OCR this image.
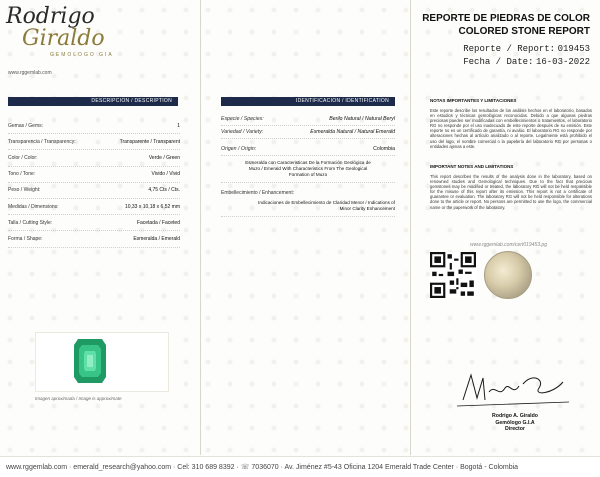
Rodrigo
Giraldo
GEMOLOGO GIA
www.rggemlab.com
REPORTE DE PIEDRAS DE COLOR
COLORED STONE REPORT
Reporte / Report: 019453
Fecha / Date: 16-03-2022
DESCRIPCION / DESCRIPTION
Gemas / Gems:	1
Transparencia / Transparency:	Transparente / Transparent
Color / Color:	Verde / Green
Tono / Tone:	Vivido / Vivid
Peso / Weight:	4,75 Cts / Cts.
Medidas / Dimensions:	10,33 x 10,18 x 6,52 mm
Talla / Cutting Style:	Facetada / Faceted
Forma / Shape:	Esmeralda / Emerald
Imagen aproximada / Image is approximate
IDENTIFICACION / IDENTIFICATION
Especie / Species:	Berilo Natural / Natural Beryl
Variedad / Variety:	Esmeralda Natural / Natural Emerald
Origen / Origin:	Colombia
Esmeralda con Caracteristicas De la Formación Geológica de Muzo / Emerald With Characteristics From The Geological Formation of Muzo
Embellecimiento / Enhancement:
Indicaciones de Embellecimiento de Claridad Menor / Indications of Minor Clarity Enhancement
NOTAS IMPORTANTES Y LIMITACIONES
Este reporte describe los resultados de los análisis hechos en el laboratorio, basados en estudios y técnicas gemológicas reconocidas. Debido a que algunas piedras preciosas pueden ser modificadas con embellecimientos o tratamientos, el laboratorio RG no responde por el uso inadecuado de este reporte después de su emisión. Este reporte no es un certificado de garantía, ni avalúo. El laboratorio RG no responde por alteraciones hechas al artículo analizado o al reporte. Legalmente está prohibido el uso del logo, el nombre comercial o la papelería del laboratorio RG por personas o entidades ajenas a este.
IMPORTANT NOTES AND LIMITATIONS
This report describes the results of the analysis done in the laboratory, based on renowned studies and Gemological techniques. Due to the fact that precious gemstones may be modified or treated, the laboratory RG will not be held responsible for the misuse of this report after its emission. This report is not a certificate of guarantee or evaluation. The laboratory RG will not be held responsible for alterations done to the article or report. No persons are permitted to use the logo, the commercial name or the paperwork of the laboratory.
www.rggemlab.com/cert019453.pg
Rodrigo A. Giraldo
Gemólogo G.I.A
Director
www.rggemlab.com · emerald_research@yahoo.com · Cel: 310 689 8392 · ☏ 7036070 · Av. Jiménez #5-43 Oficina 1204 Emerald Trade Center · Bogotá - Colombia
